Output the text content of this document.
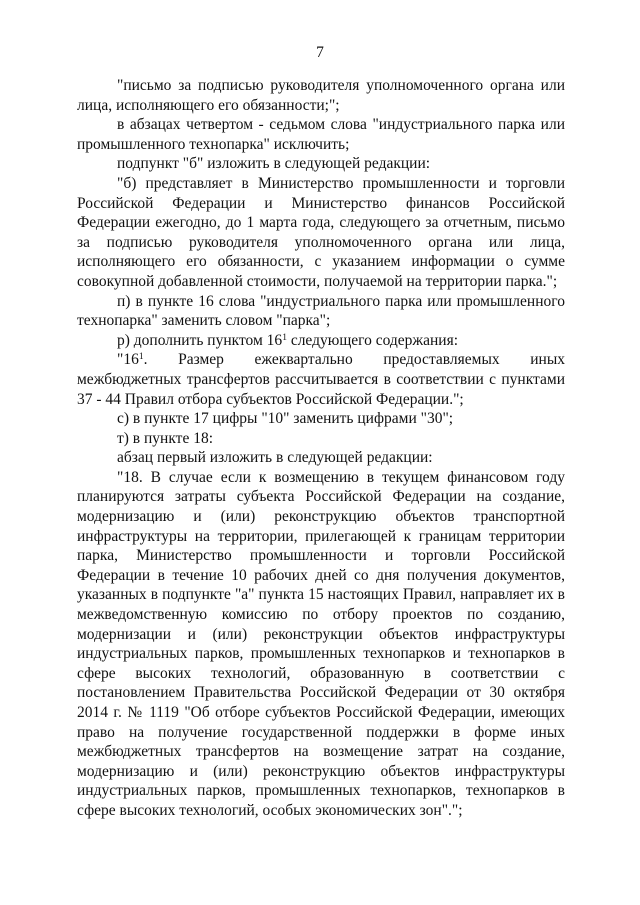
7

"письмо за подписью руководителя уполномоченного органа или лица, исполняющего его обязанности;";

в абзацах четвертом - седьмом слова "индустриального парка или промышленного технопарка" исключить;

подпункт "б" изложить в следующей редакции:

"б) представляет в Министерство промышленности и торговли Российской Федерации и Министерство финансов Российской Федерации ежегодно, до 1 марта года, следующего за отчетным, письмо за подписью руководителя уполномоченного органа или лица, исполняющего его обязанности, с указанием информации о сумме совокупной добавленной стоимости, получаемой на территории парка.";

п) в пункте 16 слова "индустриального парка или промышленного технопарка" заменить словом "парка";

р) дополнить пунктом $16^1$ следующего содержания:

"$16^1$. Размер ежеквартально предоставляемых иных межбюджетных трансфертов рассчитывается в соответствии с пунктами 37 - 44 Правил отбора субъектов Российской Федерации.";

с) в пункте 17 цифры "10" заменить цифрами "30";

т) в пункте 18:

абзац первый изложить в следующей редакции:

"18. В случае если к возмещению в текущем финансовом году планируются затраты субъекта Российской Федерации на создание, модернизацию и (или) реконструкцию объектов транспортной инфраструктуры на территории, прилегающей к границам территории парка, Министерство промышленности и торговли Российской Федерации в течение 10 рабочих дней со дня получения документов, указанных в подпункте "а" пункта 15 настоящих Правил, направляет их в межведомственную комиссию по отбору проектов по созданию, модернизации и (или) реконструкции объектов инфраструктуры индустриальных парков, промышленных технопарков и технопарков в сфере высоких технологий, образованную в соответствии с постановлением Правительства Российской Федерации от 30 октября 2014 г. № 1119 "Об отборе субъектов Российской Федерации, имеющих право на получение государственной поддержки в форме иных межбюджетных трансфертов на возмещение затрат на создание, модернизацию и (или) реконструкцию объектов инфраструктуры индустриальных парков, промышленных технопарков, технопарков в сфере высоких технологий, особых экономических зон".";
